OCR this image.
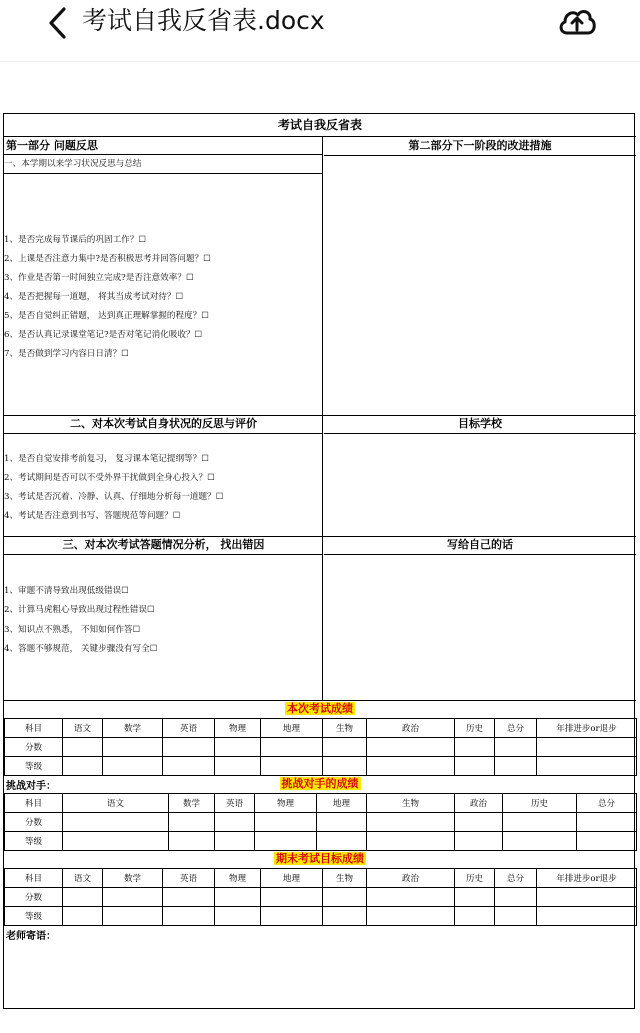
考试自我反省表.docx
考试自我反省表
第一部分 问题反思
一、本学期以来学习状况反思与总结
1、是否完成每节课后的巩固工作？☐
2、上课是否注意力集中?是否积极思考并回答问题？☐
3、作业是否第一时间独立完成?是否注意效率？☐
4、是否把握每一道题， 将其当成考试对待？☐
5、是否自觉纠正错题， 达到真正理解掌握的程度？☐
6、是否认真记录课堂笔记?是否对笔记消化吸收？☐
7、是否做到学习内容日日清？☐
第二部分下一阶段的改进措施
二、对本次考试自身状况的反思与评价
1、是否自觉安排考前复习， 复习课本笔记提纲等？☐
2、考试期间是否可以不受外界干扰做到全身心投入？☐
3、考试是否沉着、冷静、认真、仔细地分析每一道题？☐
4、考试是否注意到书写、答题规范等问题？☐
目标学校
三、对本次考试答题情况分析， 找出错因
1、审题不清导致出现低级错误☐
2、计算马虎粗心导致出现过程性错误☐
3、知识点不熟悉， 不知如何作答☐
4、答题不够规范， 关键步骤没有写全☐
写给自己的话
本次考试成绩
科目	语文	数学	英语	物理	地理	生物	政治	历史	总分	年排进步or退步
分数										
等级										
挑战对手：	挑战对手的成绩
科目	语文	数学	英语	物理	地理	生物	政治	历史	总分
分数									
等级									
期末考试目标成绩
科目	语文	数学	英语	物理	地理	生物	政治	历史	总分	年排进步or退步
分数										
等级										
老师寄语：
